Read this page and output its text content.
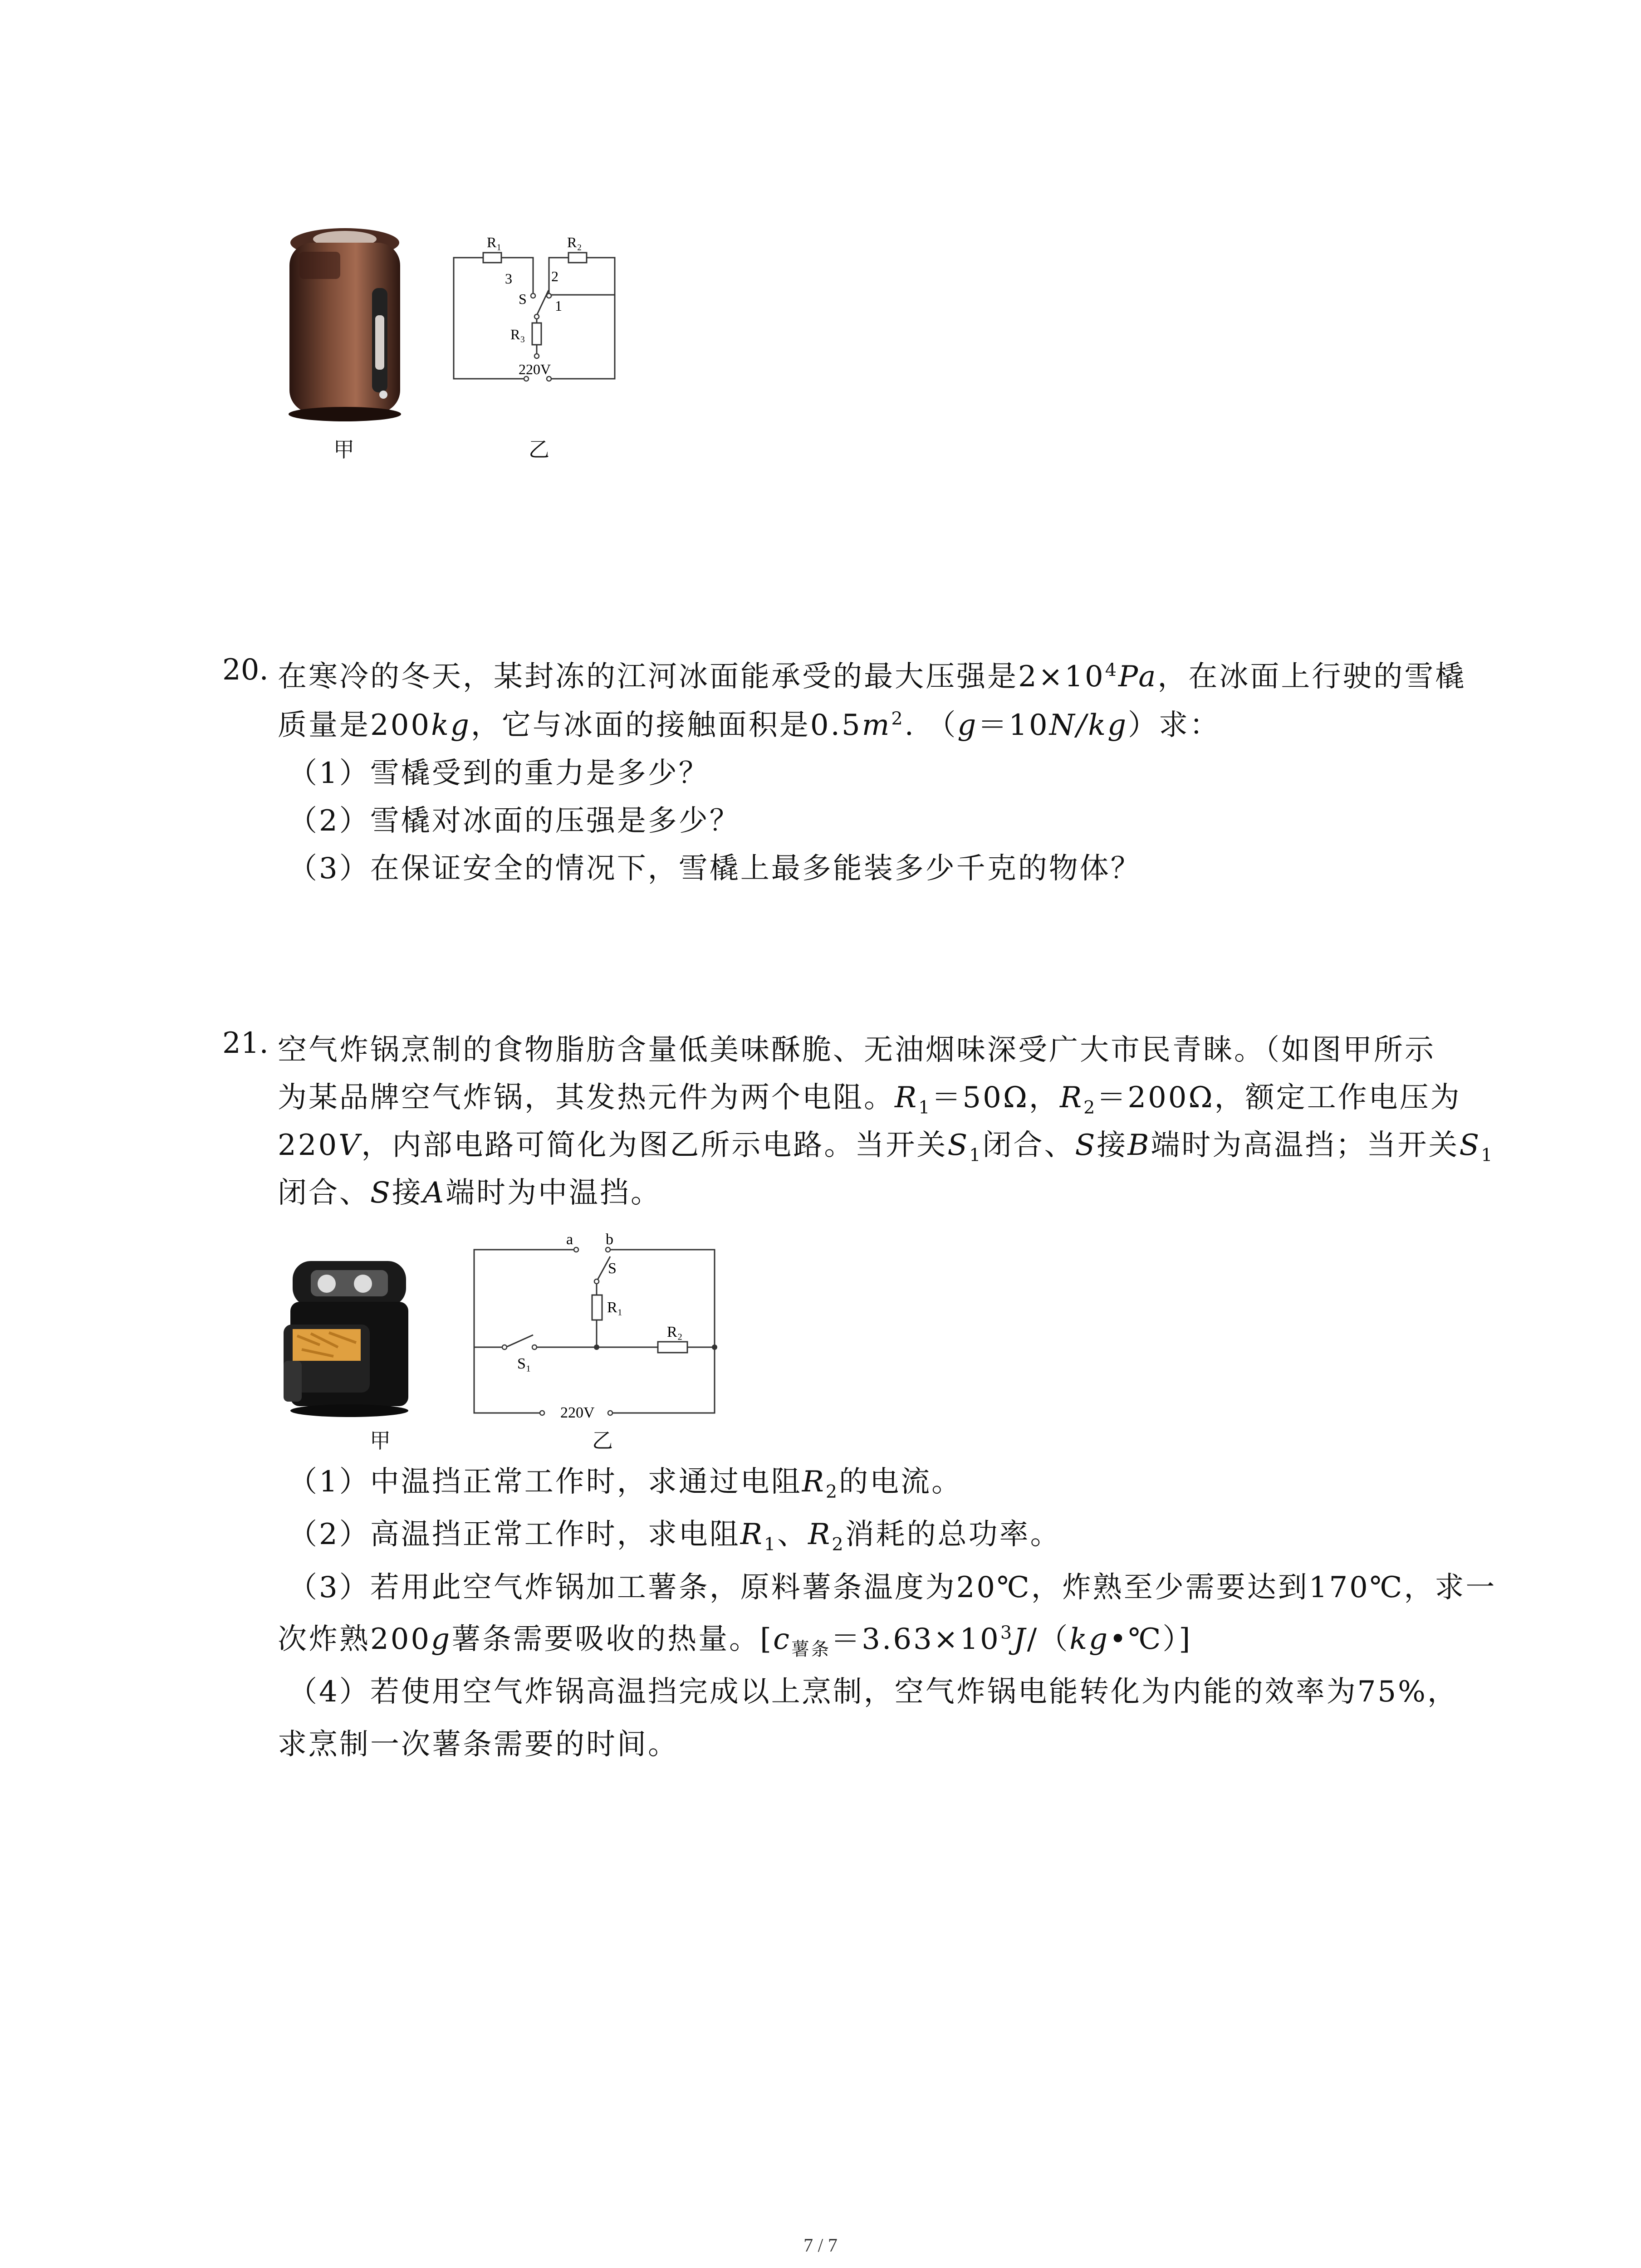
甲
R₁	R₂
3	2
1
S
R₃
220V
乙
20. 在寒冷的冬天，某封冻的江河冰面能承受的最大压强是$2\times 10^4Pa$，在冰面上行驶的雪橇
质量是200kg，它与冰面的接触面积是$0.5m^2$. （g＝10N/kg）求：
（1）雪橇受到的重力是多少？
（2）雪橇对冰面的压强是多少？
（3）在保证安全的情况下，雪橇上最多能装多少千克的物体？
21. 空气炸锅烹制的食物脂肪含量低美味酥脆、无油烟味深受广大市民青睐。（如图甲所示
为某品牌空气炸锅，其发热元件为两个电阻。$R_1=50\Omega$，$R_2=200\Omega$，额定工作电压为
220V，内部电路可简化为图乙所示电路。当开关$S_1$闭合、S接B端时为高温挡；当开关$S_1$
闭合、S接A端时为中温挡。
甲
a b
S
R₁
R₂
S₁
220V
乙
（1）中温挡正常工作时，求通过电阻$R_2$的电流。
（2）高温挡正常工作时，求电阻$R_1$、$R_2$消耗的总功率。
（3）若用此空气炸锅加工薯条，原料薯条温度为20℃，炸熟至少需要达到170℃，求一
次炸熟200g薯条需要吸收的热量。$[c_{薯条}=3.63\times 10^3J/(kg•℃)]$
（4）若使用空气炸锅高温挡完成以上烹制，空气炸锅电能转化为内能的效率为75%，
求烹制一次薯条需要的时间。
7 / 7
